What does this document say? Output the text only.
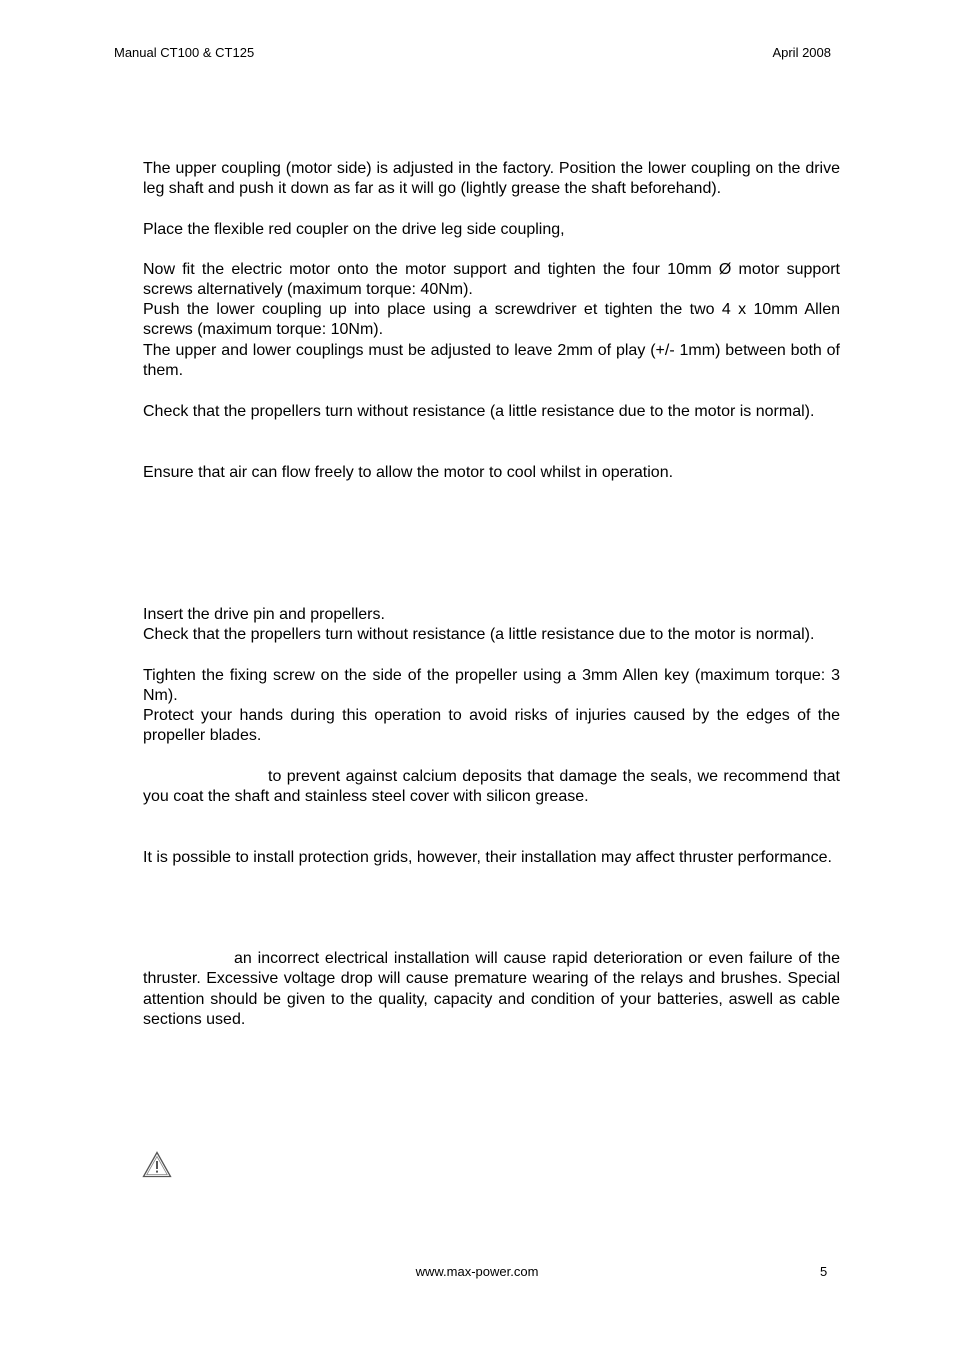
Manual CT100 & CT125	April 2008

The upper coupling (motor side) is adjusted in the factory. Position the lower coupling on the drive leg shaft and push it down as far as it will go (lightly grease the shaft beforehand).

Place the flexible red coupler on the drive leg side coupling,

Now fit the electric motor onto the motor support and tighten the four 10mm Ø motor support screws alternatively (maximum torque: 40Nm).

Push the lower coupling up into place using a screwdriver et tighten the two 4 x 10mm Allen screws (maximum torque: 10Nm).

The upper and lower couplings must be adjusted to leave 2mm of play (+/- 1mm) between both of them.

Check that the propellers turn without resistance (a little resistance due to the motor is normal).

Ensure that air can flow freely to allow the motor to cool whilst in operation.

Insert the drive pin and propellers.

Check that the propellers turn without resistance (a little resistance due to the motor is normal).

Tighten the fixing screw on the side of the propeller using a 3mm Allen key (maximum torque: 3 Nm).

Protect your hands during this operation to avoid risks of injuries caused by the edges of the propeller blades.

to prevent against calcium deposits that damage the seals, we recommend that you coat the shaft and stainless steel cover with silicon grease.

It is possible to install protection grids, however, their installation may affect thruster performance.

an incorrect electrical installation will cause rapid deterioration or even failure of the thruster. Excessive voltage drop will cause premature wearing of the relays and brushes. Special attention should be given to the quality, capacity and condition of your batteries, aswell as cable sections used.

www.max-power.com	5
